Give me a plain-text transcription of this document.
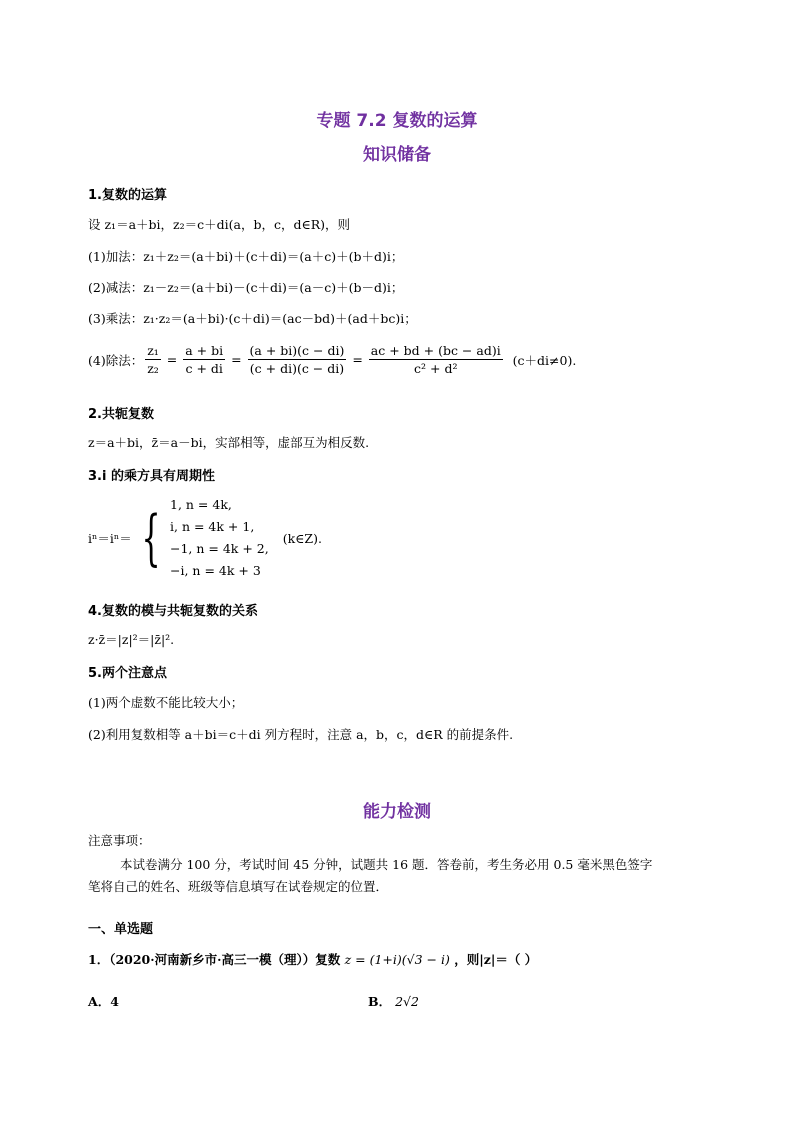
专题 7.2 复数的运算
知识储备
1.复数的运算
设 z₁＝a＋bi，z₂＝c＋di(a，b，c，d∈R)，则
(1)加法：z₁＋z₂＝(a＋bi)＋(c＋di)＝(a＋c)＋(b＋d)i；
(2)减法：z₁－z₂＝(a＋bi)－(c＋di)＝(a－c)＋(b－d)i；
(3)乘法：z₁·z₂＝(a＋bi)·(c＋di)＝(ac－bd)＋(ad＋bc)i；
(4)除法： $\frac{\text{z₁}}{\text{z₂}} = \frac{a + bi}{c + di} = \frac{(a + bi)(c - di)}{(c + di)(c - di)} = \frac{ac + bd + (bc - ad)i}{\text{c² + d²}}$
(c＋di≠0).
2.共轭复数
z＝a＋bi，z̄＝a－bi，实部相等，虚部互为相反数.
3.i 的乘方具有周期性
iⁿ＝iⁿ＝ { 1, n = 4k,
i, n = 4k + 1,
−1, n = 4k + 2,
−i, n = 4k + 3
(k∈Z).
4.复数的模与共轭复数的关系
z·z̄＝|z|²＝|z̄|².
5.两个注意点
(1)两个虚数不能比较大小；
(2)利用复数相等 a＋bi＝c＋di 列方程时，注意 a，b，c，d∈R 的前提条件.
能力检测
注意事项：
本试卷满分 100 分，考试时间 45 分钟，试题共 16 题．答卷前，考生务必用 0.5 毫米黑色签字
笔将自己的姓名、班级等信息填写在试卷规定的位置．
一、单选题
1．（2020·河南新乡市·高三一模（理））复数 z = (1+i)(√3 − i) ，则|z|＝（ ）
A．4	B． 2√2
